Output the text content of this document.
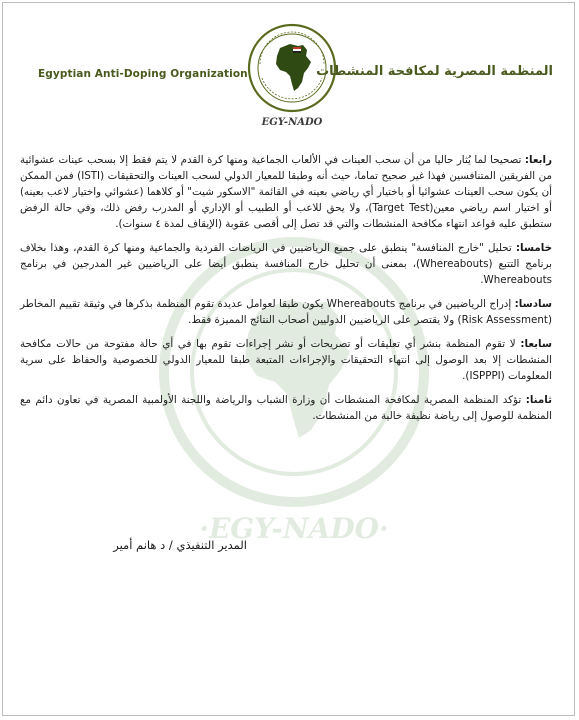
Egyptian Anti-Doping Organization
EGY-NADO
المنظمة المصرية لمكافحة المنشطات
·EGY-NADO·

رابعا: تصحيحا لما يُثار حاليا من أن سحب العينات في الألعاب الجماعية ومنها كرة القدم لا يتم فقط إلا بسحب عينات عشوائية من الفريقين المتنافسين فهذا غير صحيح تماما، حيث أنه وطبقا للمعيار الدولي لسحب العينات والتحقيقات (ISTI) فمن الممكن أن يكون سحب العينات عشوائيا أو باختيار أي رياضي بعينه في القائمة "الاسكور شيت" أو كلاهما (عشوائي واختيار لاعب بعينه) أو اختيار اسم رياضي معين(Target Test)، ولا يحق للاعب أو الطبيب أو الإداري أو المدرب رفض ذلك، وفي حالة الرفض ستطبق عليه قواعد انتهاء مكافحة المنشطات والتي قد تصل إلى أقصى عقوبة (الإيقاف لمدة ٤ سنوات).

خامسا: تحليل "خارج المنافسة" ينطبق على جميع الرياضيين في الرياضات الفردية والجماعية ومنها كرة القدم، وهذا بخلاف برنامج التتبع (Whereabouts)، بمعنى أن تحليل خارج المنافسة ينطبق أيضا على الرياضيين غير المدرجين في برنامج Whereabouts.

سادسا: إدراج الرياضيين في برنامج Whereabouts يكون طبقا لعوامل عديدة تقوم المنظمة بذكرها في وثيقة تقييم المخاطر (Risk Assessment) ولا يقتصر على الرياضيين الدوليين أصحاب النتائج المميزة فقط.

سابعا: لا تقوم المنظمة بنشر أي تعليقات أو تصريحات أو نشر إجراءات تقوم بها في أي حالة مفتوحة من حالات مكافحة المنشطات إلا بعد الوصول إلى انتهاء التحقيقات والإجراءات المتبعة طبقا للمعيار الدولي للخصوصية والحفاظ على سرية المعلومات (ISPPPI).

ثامنا: تؤكد المنظمة المصرية لمكافحة المنشطات أن وزارة الشباب والرياضة واللجنة الأولمبية المصرية في تعاون دائم مع المنظمة للوصول إلى رياضة نظيفة خالية من المنشطات.

المدير التنفيذي / د هانم أمير
